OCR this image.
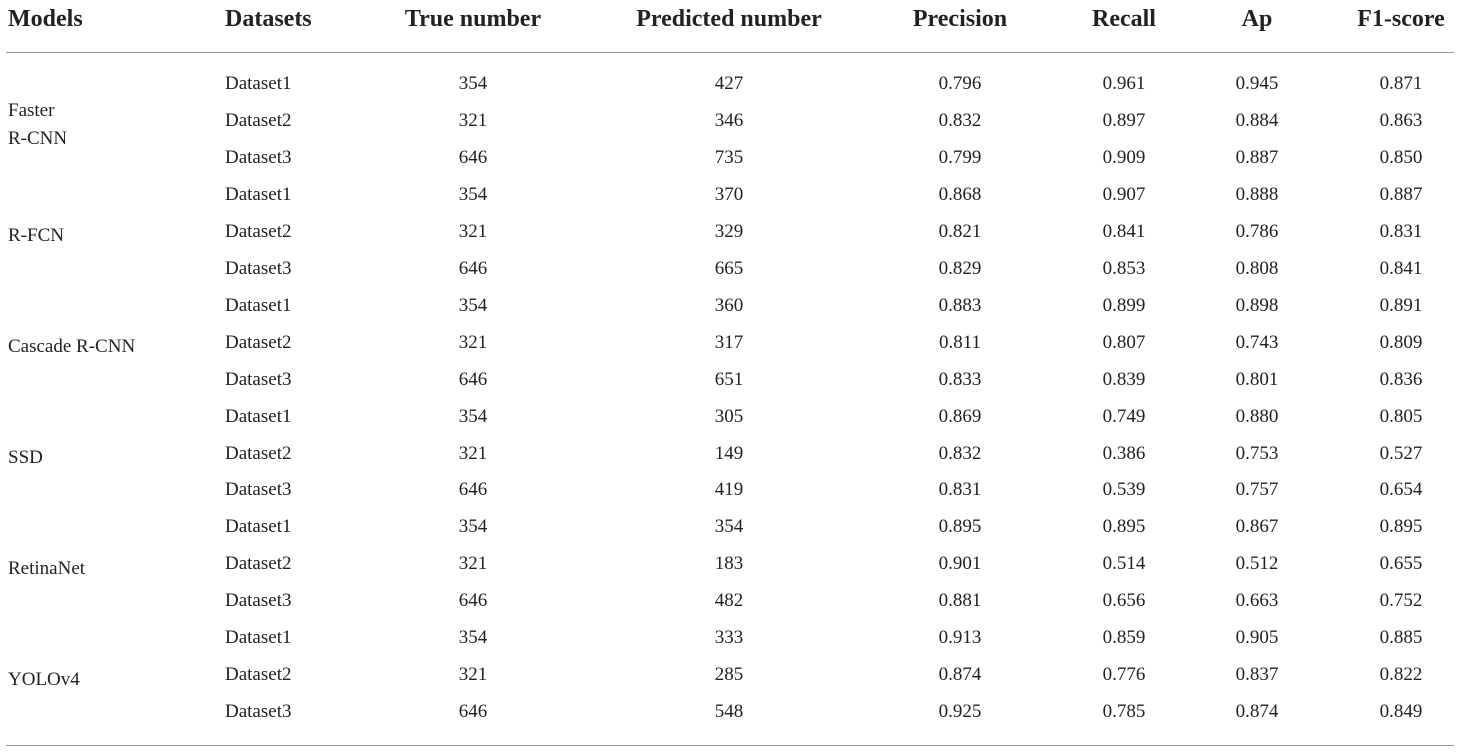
Models	Datasets	True number	Predicted number	Precision	Recall	Ap	F1-score
Faster
R-CNN
Dataset1	354	427	0.796	0.961	0.945	0.871
Dataset2	321	346	0.832	0.897	0.884	0.863
Dataset3	646	735	0.799	0.909	0.887	0.850
R-FCN
Dataset1	354	370	0.868	0.907	0.888	0.887
Dataset2	321	329	0.821	0.841	0.786	0.831
Dataset3	646	665	0.829	0.853	0.808	0.841
Cascade R-CNN
Dataset1	354	360	0.883	0.899	0.898	0.891
Dataset2	321	317	0.811	0.807	0.743	0.809
Dataset3	646	651	0.833	0.839	0.801	0.836
SSD
Dataset1	354	305	0.869	0.749	0.880	0.805
Dataset2	321	149	0.832	0.386	0.753	0.527
Dataset3	646	419	0.831	0.539	0.757	0.654
RetinaNet
Dataset1	354	354	0.895	0.895	0.867	0.895
Dataset2	321	183	0.901	0.514	0.512	0.655
Dataset3	646	482	0.881	0.656	0.663	0.752
YOLOv4
Dataset1	354	333	0.913	0.859	0.905	0.885
Dataset2	321	285	0.874	0.776	0.837	0.822
Dataset3	646	548	0.925	0.785	0.874	0.849
